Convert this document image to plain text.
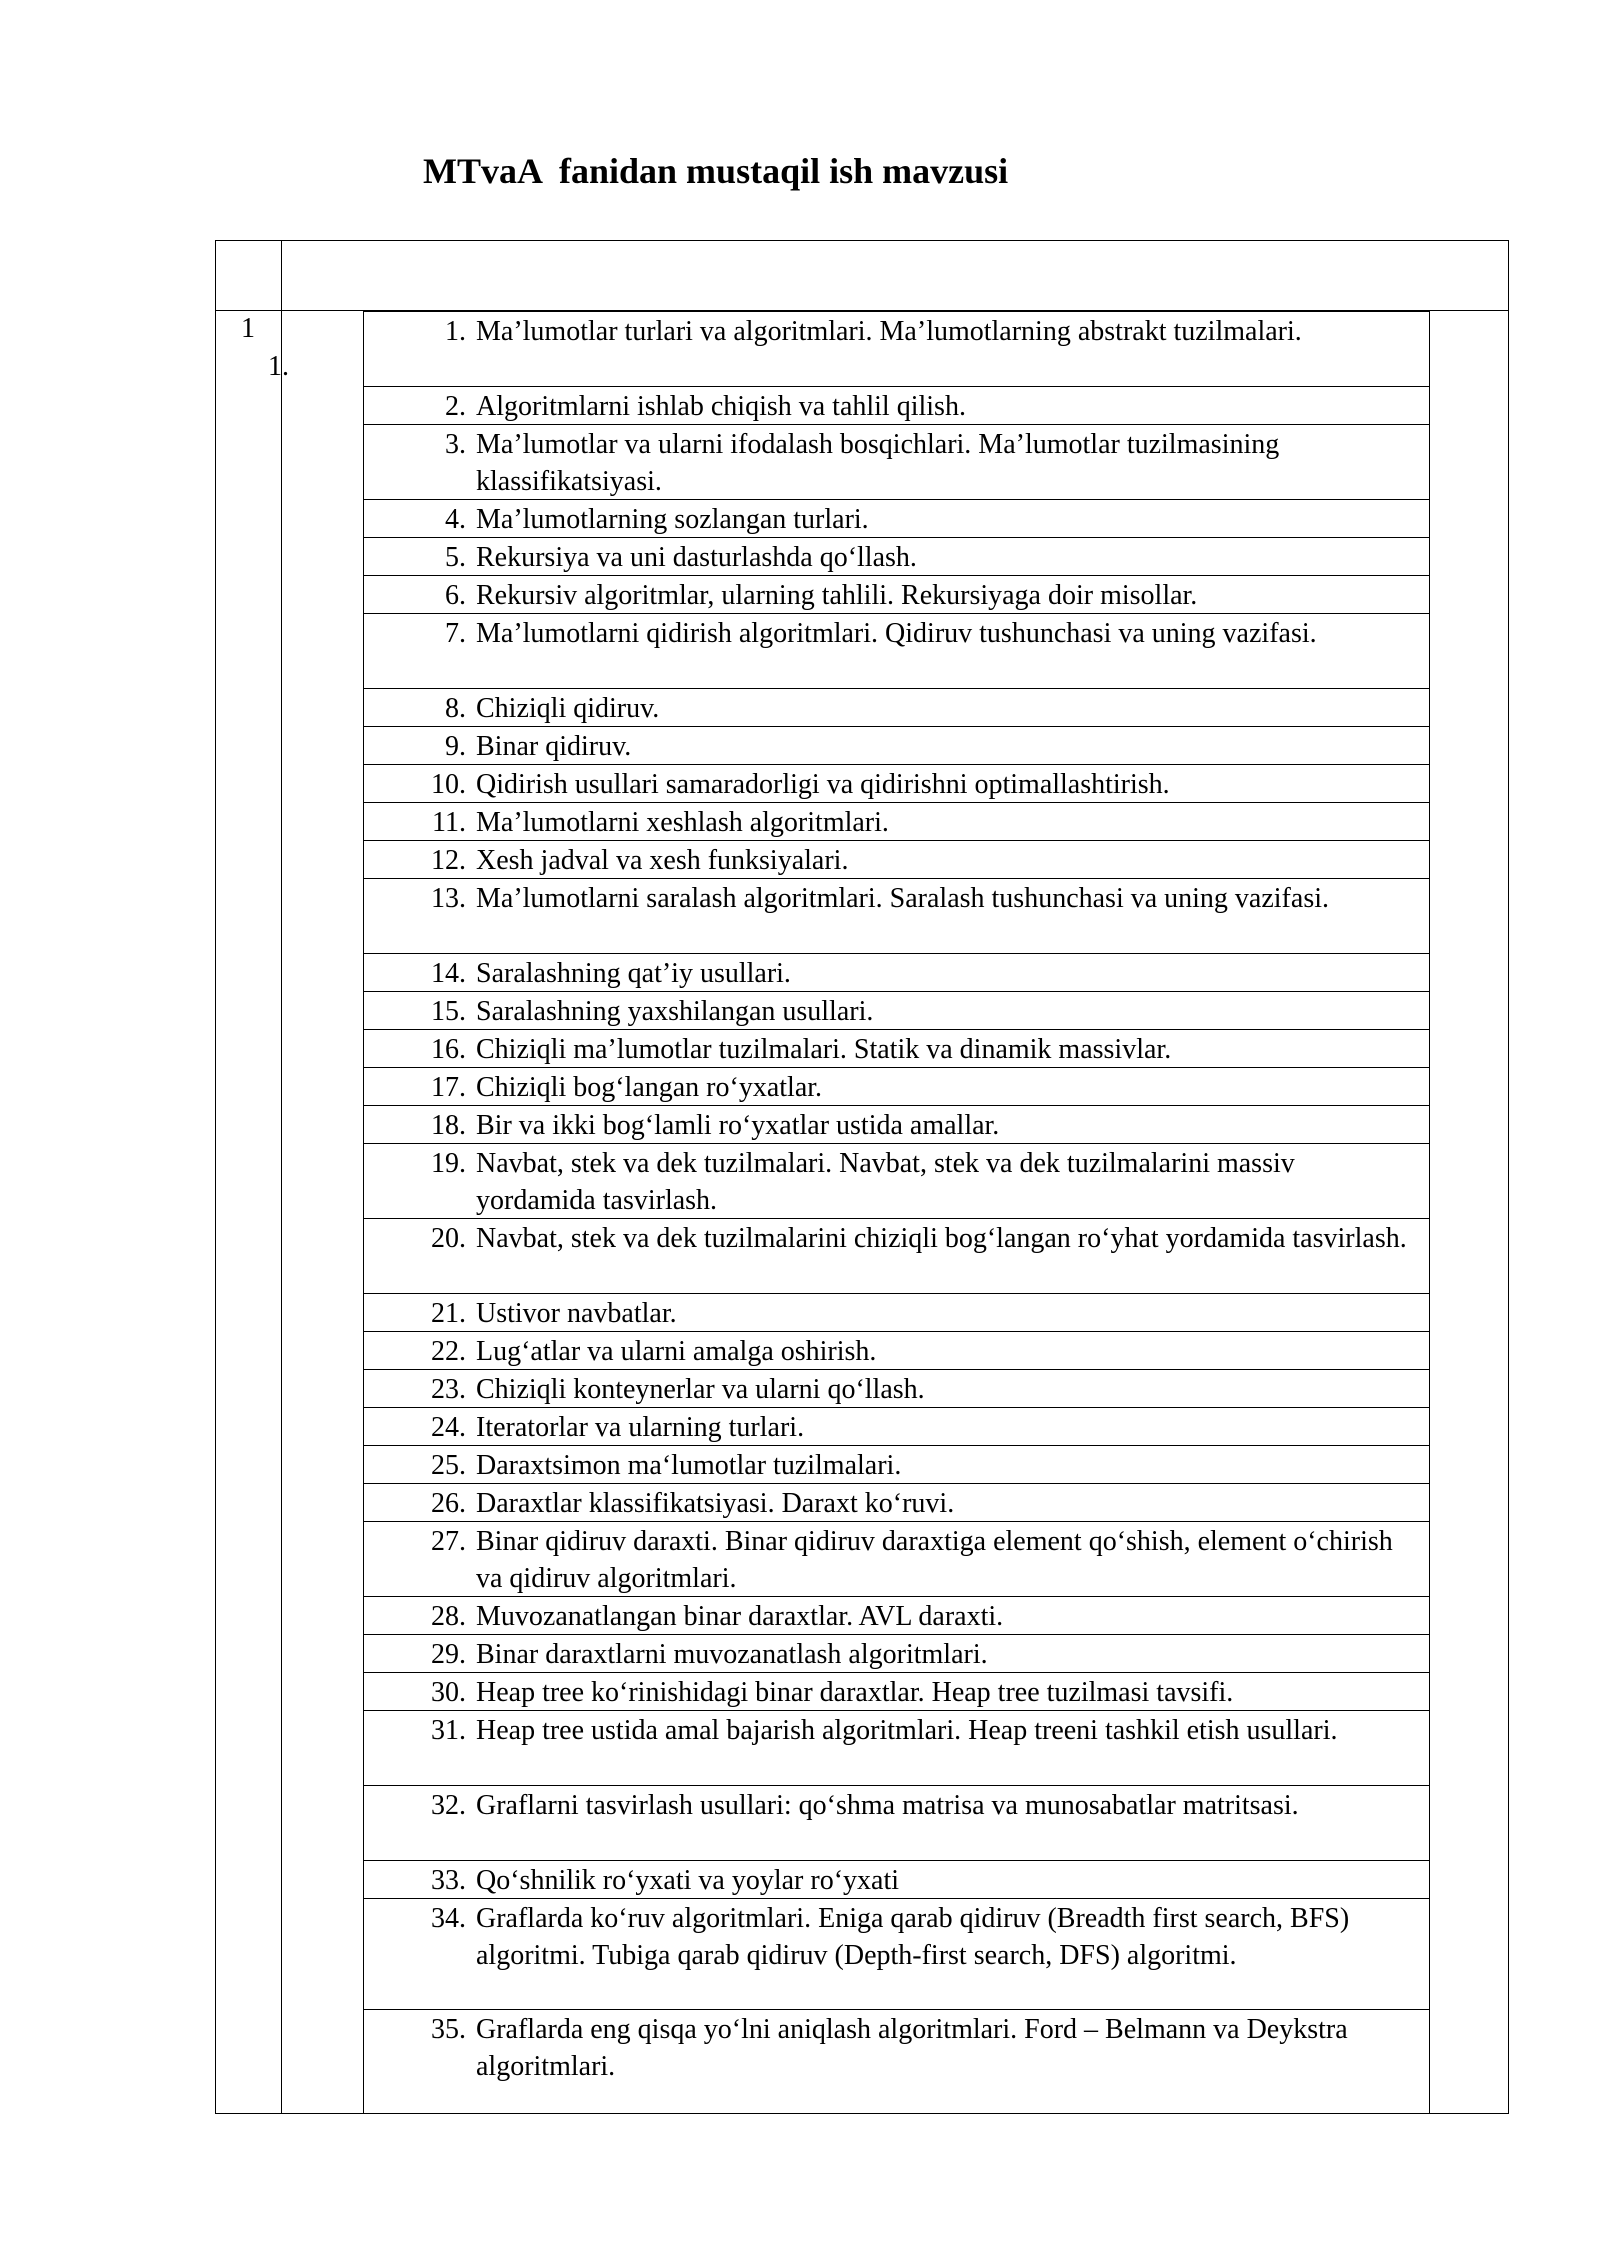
MTvaA  fanidan mustaqil ish mavzusi
1
1.
1. Ma’lumotlar turlari va algoritmlari. Ma’lumotlarning abstrakt tuzilmalari.
2. Algoritmlarni ishlab chiqish va tahlil qilish.
3. Ma’lumotlar va ularni ifodalash bosqichlari. Ma’lumotlar tuzilmasining klassifikatsiyasi.
4. Ma’lumotlarning sozlangan turlari.
5. Rekursiya va uni dasturlashda qo‘llash.
6. Rekursiv algoritmlar, ularning tahlili. Rekursiyaga doir misollar.
7. Ma’lumotlarni qidirish algoritmlari. Qidiruv tushunchasi va uning vazifasi.
8. Chiziqli qidiruv.
9. Binar qidiruv.
10. Qidirish usullari samaradorligi va qidirishni optimallashtirish.
11. Ma’lumotlarni xeshlash algoritmlari.
12. Xesh jadval va xesh funksiyalari.
13. Ma’lumotlarni saralash algoritmlari. Saralash tushunchasi va uning vazifasi.
14. Saralashning qat’iy usullari.
15. Saralashning yaxshilangan usullari.
16. Chiziqli ma’lumotlar tuzilmalari. Statik va dinamik massivlar.
17. Chiziqli bog‘langan ro‘yxatlar.
18. Bir va ikki bog‘lamli ro‘yxatlar ustida amallar.
19. Navbat, stek va dek tuzilmalari. Navbat, stek va dek tuzilmalarini massiv yordamida tasvirlash.
20. Navbat, stek va dek tuzilmalarini chiziqli bog‘langan ro‘yhat yordamida tasvirlash.
21. Ustivor navbatlar.
22. Lug‘atlar va ularni amalga oshirish.
23. Chiziqli konteynerlar va ularni qo‘llash.
24. Iteratorlar va ularning turlari.
25. Daraxtsimon ma‘lumotlar tuzilmalari.
26. Daraxtlar klassifikatsiyasi. Daraxt ko‘ruvi.
27. Binar qidiruv daraxti. Binar qidiruv daraxtiga element qo‘shish, element o‘chirish va qidiruv algoritmlari.
28. Muvozanatlangan binar daraxtlar. AVL daraxti.
29. Binar daraxtlarni muvozanatlash algoritmlari.
30. Heap tree ko‘rinishidagi binar daraxtlar. Heap tree tuzilmasi tavsifi.
31. Heap tree ustida amal bajarish algoritmlari. Heap treeni tashkil etish usullari.
32. Graflarni tasvirlash usullari: qo‘shma matrisa va munosabatlar matritsasi.
33. Qo‘shnilik ro‘yxati va yoylar ro‘yxati
34. Graflarda ko‘ruv algoritmlari. Eniga qarab qidiruv (Breadth first search, BFS) algoritmi. Tubiga qarab qidiruv (Depth-first search, DFS) algoritmi.
35. Graflarda eng qisqa yo‘lni aniqlash algoritmlari. Ford – Belmann va Deykstra algoritmlari.
